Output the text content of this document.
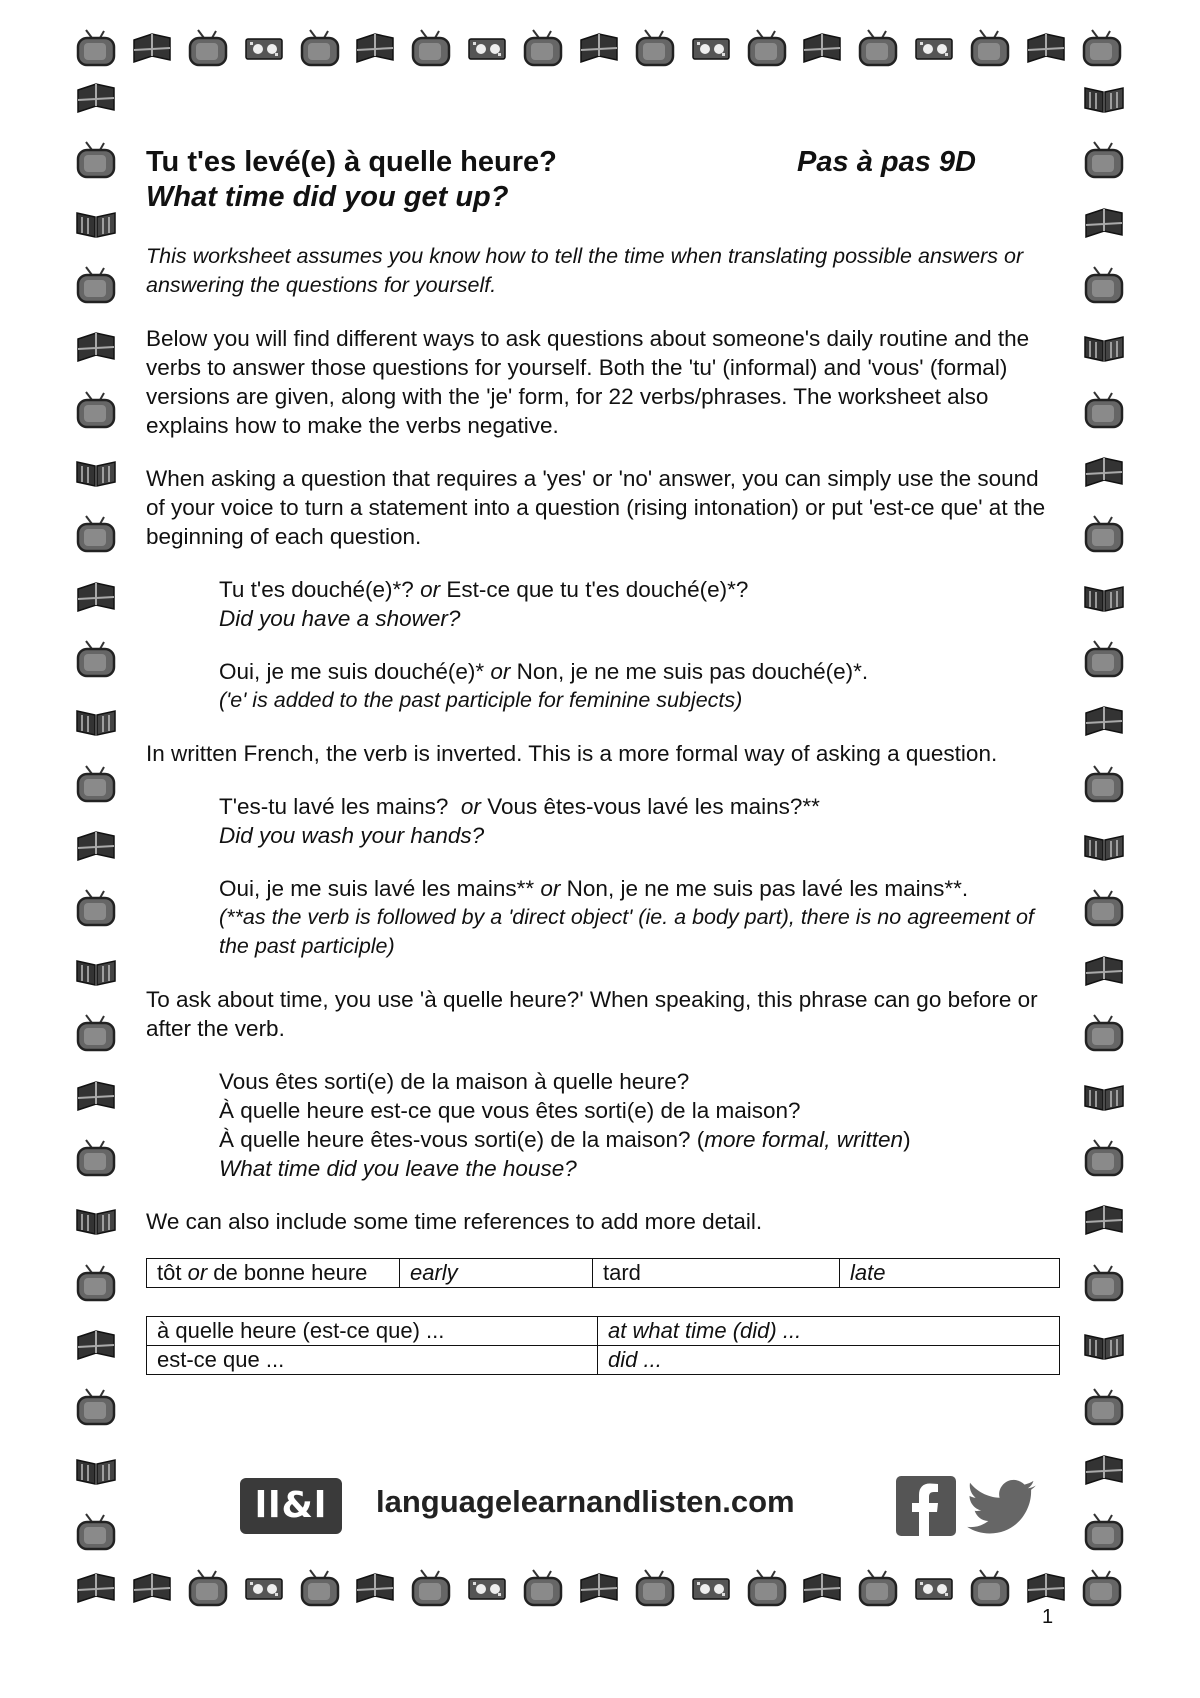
Tu t'es levé(e) à quelle heure?	Pas à pas 9D
What time did you get up?

This worksheet assumes you know how to tell the time when translating possible answers or answering the questions for yourself.

Below you will find different ways to ask questions about someone's daily routine and the verbs to answer those questions for yourself. Both the 'tu' (informal) and 'vous' (formal) versions are given, along with the 'je' form, for 22 verbs/phrases. The worksheet also explains how to make the verbs negative.

When asking a question that requires a 'yes' or 'no' answer, you can simply use the sound of your voice to turn a statement into a question (rising intonation) or put 'est-ce que' at the beginning of each question.

Tu t'es douché(e)*? or Est-ce que tu t'es douché(e)*?
Did you have a shower?
Oui, je me suis douché(e)* or Non, je ne me suis pas douché(e)*.
('e' is added to the past participle for feminine subjects)

In written French, the verb is inverted. This is a more formal way of asking a question.

T'es-tu lavé les mains? or Vous êtes-vous lavé les mains?**
Did you wash your hands?
Oui, je me suis lavé les mains** or Non, je ne me suis pas lavé les mains**.
(**as the verb is followed by a 'direct object' (ie. a body part), there is no agreement of the past participle)

To ask about time, you use 'à quelle heure?' When speaking, this phrase can go before or after the verb.

Vous êtes sorti(e) de la maison à quelle heure?
À quelle heure est-ce que vous êtes sorti(e) de la maison?
À quelle heure êtes-vous sorti(e) de la maison? (more formal, written)
What time did you leave the house?

We can also include some time references to add more detail.

tôt or de bonne heure	early	tard	late
à quelle heure (est-ce que) ...	at what time (did) ...
est-ce que ...	did ...
ll&l	languagelearnandlisten.com
1
